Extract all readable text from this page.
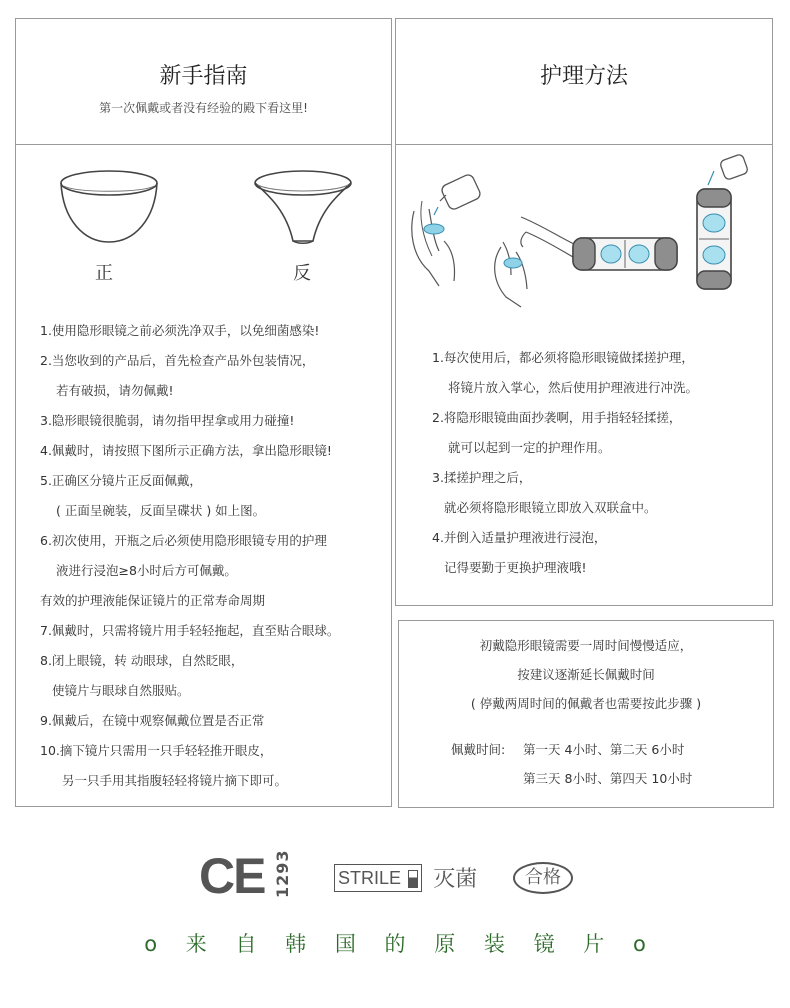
新手指南
第一次佩戴或者没有经验的殿下看这里!
正	反
1.使用隐形眼镜之前必须洗净双手，以免细菌感染!
2.当您收到的产品后，首先检查产品外包装情况，
若有破损，请勿佩戴!
3.隐形眼镜很脆弱，请勿指甲捏拿或用力碰撞!
4.佩戴时，请按照下图所示正确方法，拿出隐形眼镜!
5.正确区分镜片正反面佩戴，
( 正面呈碗装，反面呈碟状 ) 如上图。
6.初次使用，开瓶之后必须使用隐形眼镜专用的护理
液进行浸泡≥8小时后方可佩戴。
有效的护理液能保证镜片的正常寿命周期
7.佩戴时，只需将镜片用手轻轻拖起，直至贴合眼球。
8.闭上眼镜，转 动眼球，自然眨眼，
使镜片与眼球自然服贴。
9.佩戴后，在镜中观察佩戴位置是否正常
10.摘下镜片只需用一只手轻轻推开眼皮，
另一只手用其指腹轻轻将镜片摘下即可。
护理方法
1.每次使用后，都必须将隐形眼镜做揉搓护理，
将镜片放入掌心，然后使用护理液进行冲洗。
2.将隐形眼镜曲面抄袭啊，用手指轻轻揉搓，
就可以起到一定的护理作用。
3.揉搓护理之后，
就必须将隐形眼镜立即放入双联盒中。
4.并倒入适量护理液进行浸泡，
记得要勤于更换护理液哦!
初戴隐形眼镜需要一周时间慢慢适应，
按建议逐渐延长佩戴时间
( 停戴两周时间的佩戴者也需要按此步骤 )
佩戴时间: 第一天 4小时、第二天 6小时
第三天 8小时、第四天 10小时
CE 1293	STRILE 灭菌	合格
o 来 自 韩 国 的 原 装 镜 片 o
